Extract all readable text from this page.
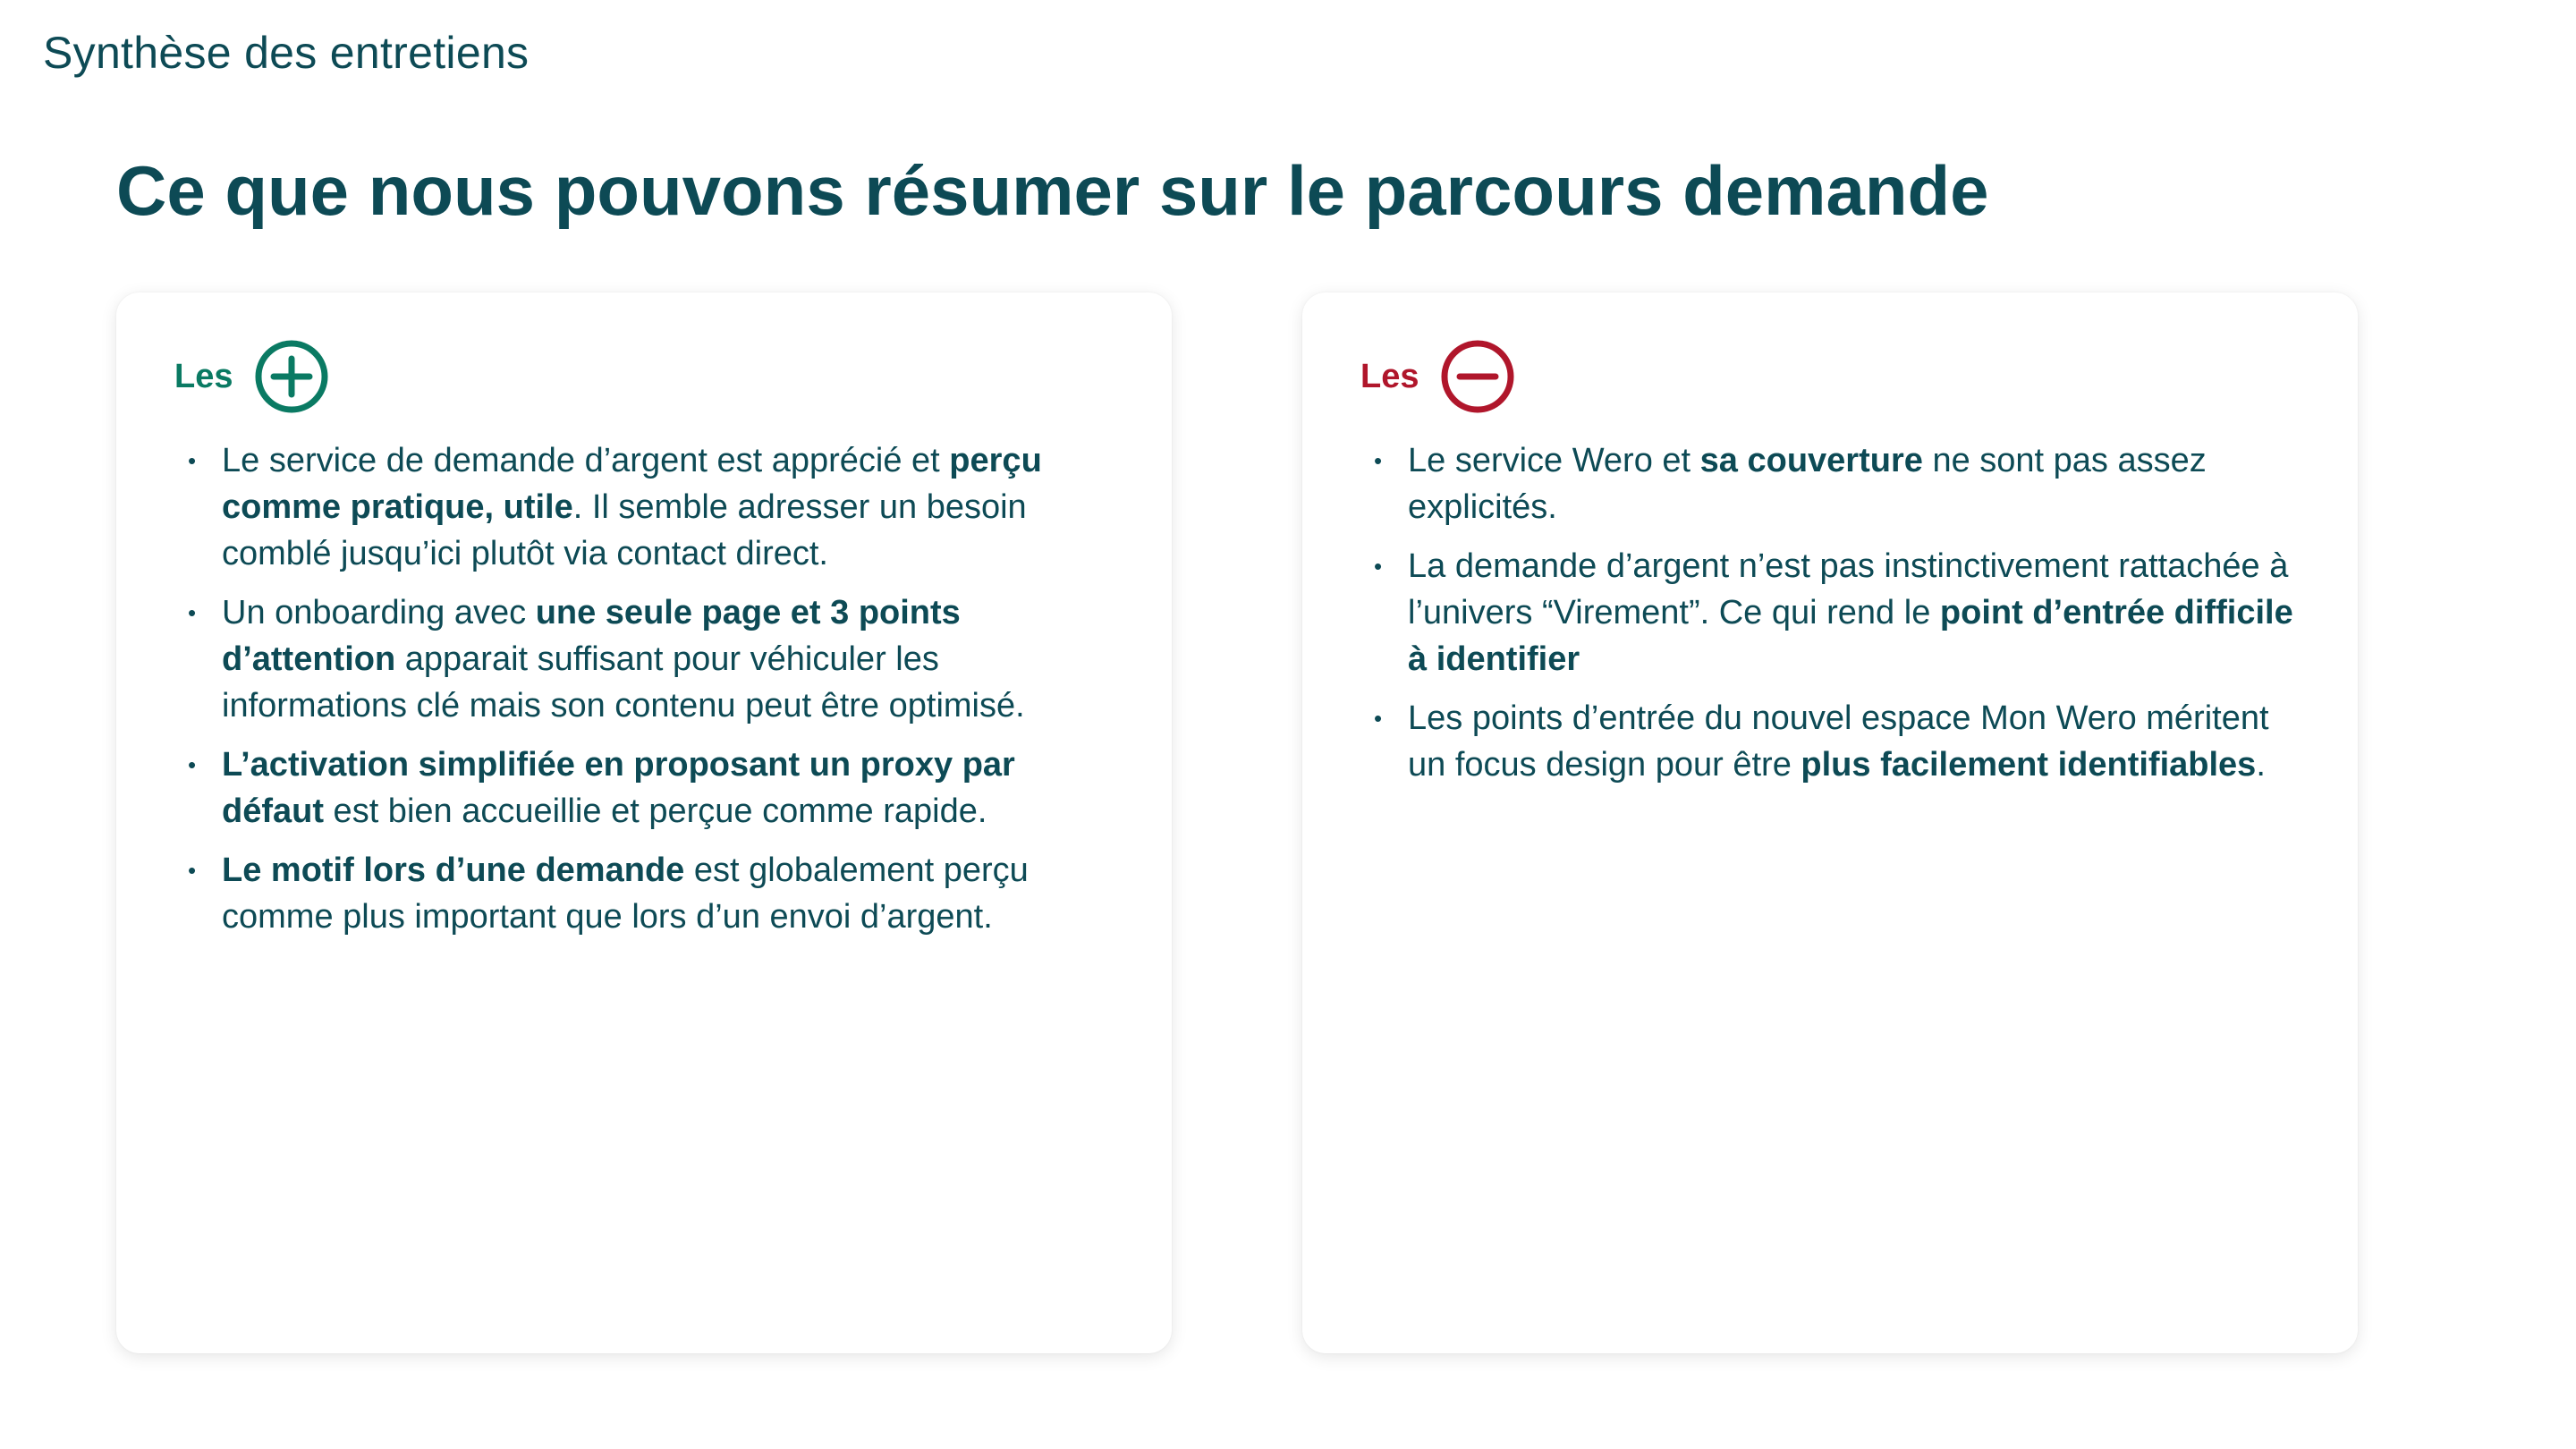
Synthèse des entretiens
Ce que nous pouvons résumer sur le parcours demande
Les
• Le service de demande d’argent est apprécié et perçu comme pratique, utile. Il semble adresser un besoin comblé jusqu’ici plutôt via contact direct.
• Un onboarding avec une seule page et 3 points d’attention apparait suffisant pour véhiculer les informations clé mais son contenu peut être optimisé.
• L’activation simplifiée en proposant un proxy par défaut est bien accueillie et perçue comme rapide.
• Le motif lors d’une demande est globalement perçu comme plus important que lors d’un envoi d’argent.
Les
• Le service Wero et sa couverture ne sont pas assez explicités.
• La demande d’argent n’est pas instinctivement rattachée à l’univers “Virement”. Ce qui rend le point d’entrée difficile à identifier
• Les points d’entrée du nouvel espace Mon Wero méritent un focus design pour être plus facilement identifiables.
